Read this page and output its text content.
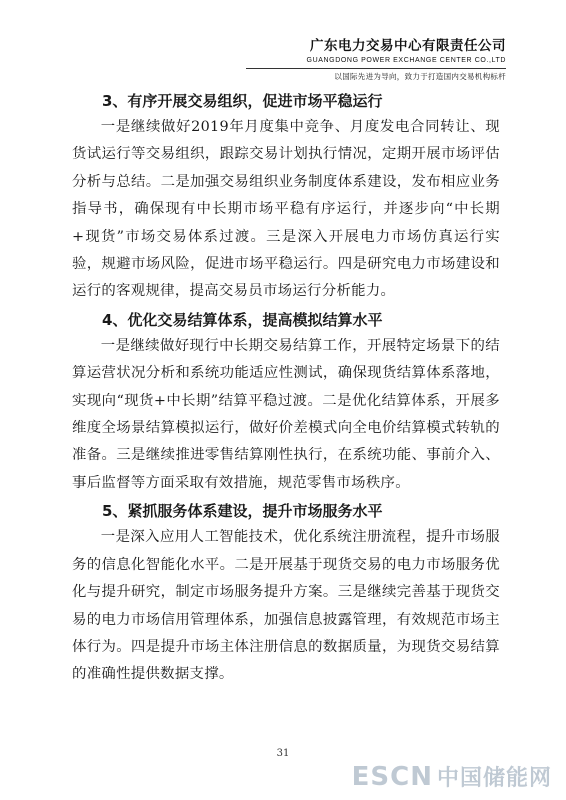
广东电力交易中心有限责任公司
GUANGDONG POWER EXCHANGE CENTER CO.,LTD
以国际先进为导向，致力于打造国内交易机构标杆

3、有序开展交易组织，促进市场平稳运行

一是继续做好2019年月度集中竞争、月度发电合同转让、现货试运行等交易组织，跟踪交易计划执行情况，定期开展市场评估分析与总结。二是加强交易组织业务制度体系建设，发布相应业务指导书，确保现有中长期市场平稳有序运行，并逐步向“中长期+现货”市场交易体系过渡。三是深入开展电力市场仿真运行实验，规避市场风险，促进市场平稳运行。四是研究电力市场建设和运行的客观规律，提高交易员市场运行分析能力。

4、优化交易结算体系，提高模拟结算水平

一是继续做好现行中长期交易结算工作，开展特定场景下的结算运营状况分析和系统功能适应性测试，确保现货结算体系落地，实现向“现货+中长期”结算平稳过渡。二是优化结算体系，开展多维度全场景结算模拟运行，做好价差模式向全电价结算模式转轨的准备。三是继续推进零售结算刚性执行，在系统功能、事前介入、事后监督等方面采取有效措施，规范零售市场秩序。

5、紧抓服务体系建设，提升市场服务水平

一是深入应用人工智能技术，优化系统注册流程，提升市场服务的信息化智能化水平。二是开展基于现货交易的电力市场服务优化与提升研究，制定市场服务提升方案。三是继续完善基于现货交易的电力市场信用管理体系，加强信息披露管理，有效规范市场主体行为。四是提升市场主体注册信息的数据质量，为现货交易结算的准确性提供数据支撑。

31
ESCN 中国储能网
